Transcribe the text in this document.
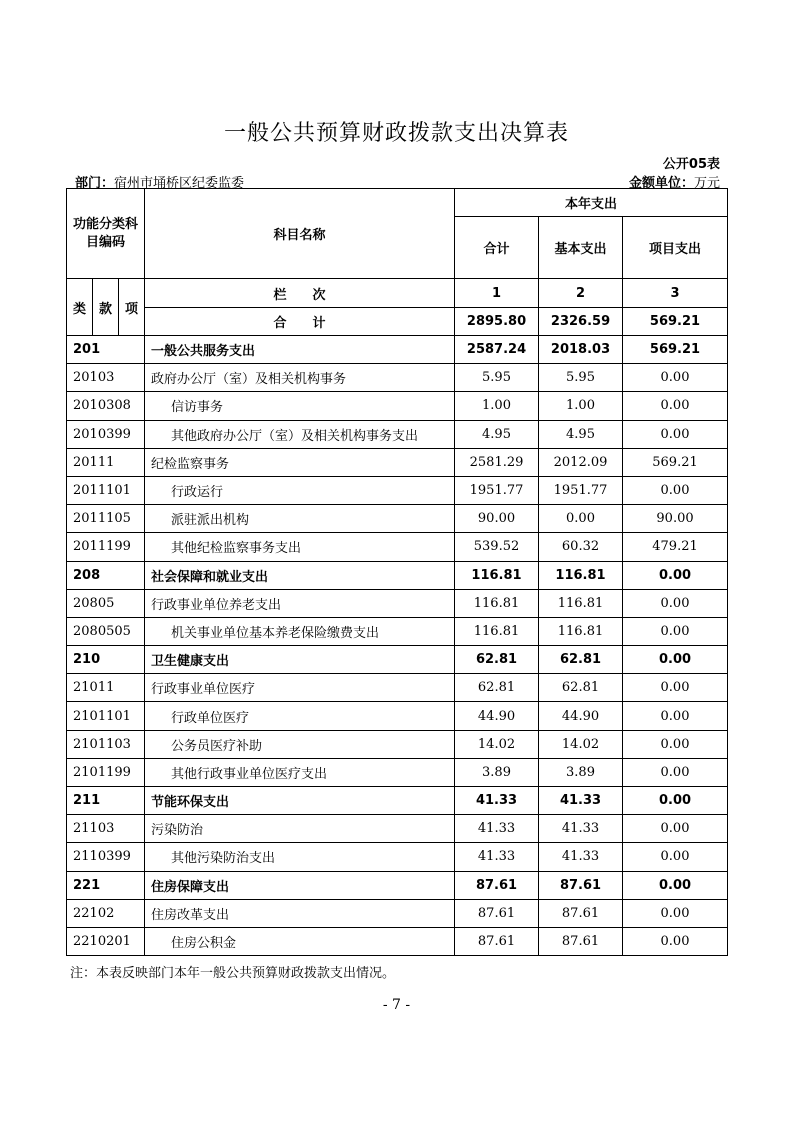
一般公共预算财政拨款支出决算表
公开05表
部门：宿州市埇桥区纪委监委	金额单位：万元
功能分类科目编码			科目名称	本年支出		
				合计	基本支出	项目支出
类	款	项	栏　　次	1	2	3
			合　　计	2895.80	2326.59	569.21
201			一般公共服务支出	2587.24	2018.03	569.21
20103			政府办公厅（室）及相关机构事务	5.95	5.95	0.00
2010308			信访事务	1.00	1.00	0.00
2010399			其他政府办公厅（室）及相关机构事务支出	4.95	4.95	0.00
20111			纪检监察事务	2581.29	2012.09	569.21
2011101			行政运行	1951.77	1951.77	0.00
2011105			派驻派出机构	90.00	0.00	90.00
2011199			其他纪检监察事务支出	539.52	60.32	479.21
208			社会保障和就业支出	116.81	116.81	0.00
20805			行政事业单位养老支出	116.81	116.81	0.00
2080505			机关事业单位基本养老保险缴费支出	116.81	116.81	0.00
210			卫生健康支出	62.81	62.81	0.00
21011			行政事业单位医疗	62.81	62.81	0.00
2101101			行政单位医疗	44.90	44.90	0.00
2101103			公务员医疗补助	14.02	14.02	0.00
2101199			其他行政事业单位医疗支出	3.89	3.89	0.00
211			节能环保支出	41.33	41.33	0.00
21103			污染防治	41.33	41.33	0.00
2110399			其他污染防治支出	41.33	41.33	0.00
221			住房保障支出	87.61	87.61	0.00
22102			住房改革支出	87.61	87.61	0.00
2210201			住房公积金	87.61	87.61	0.00
注：本表反映部门本年一般公共预算财政拨款支出情况。
- 7 -
